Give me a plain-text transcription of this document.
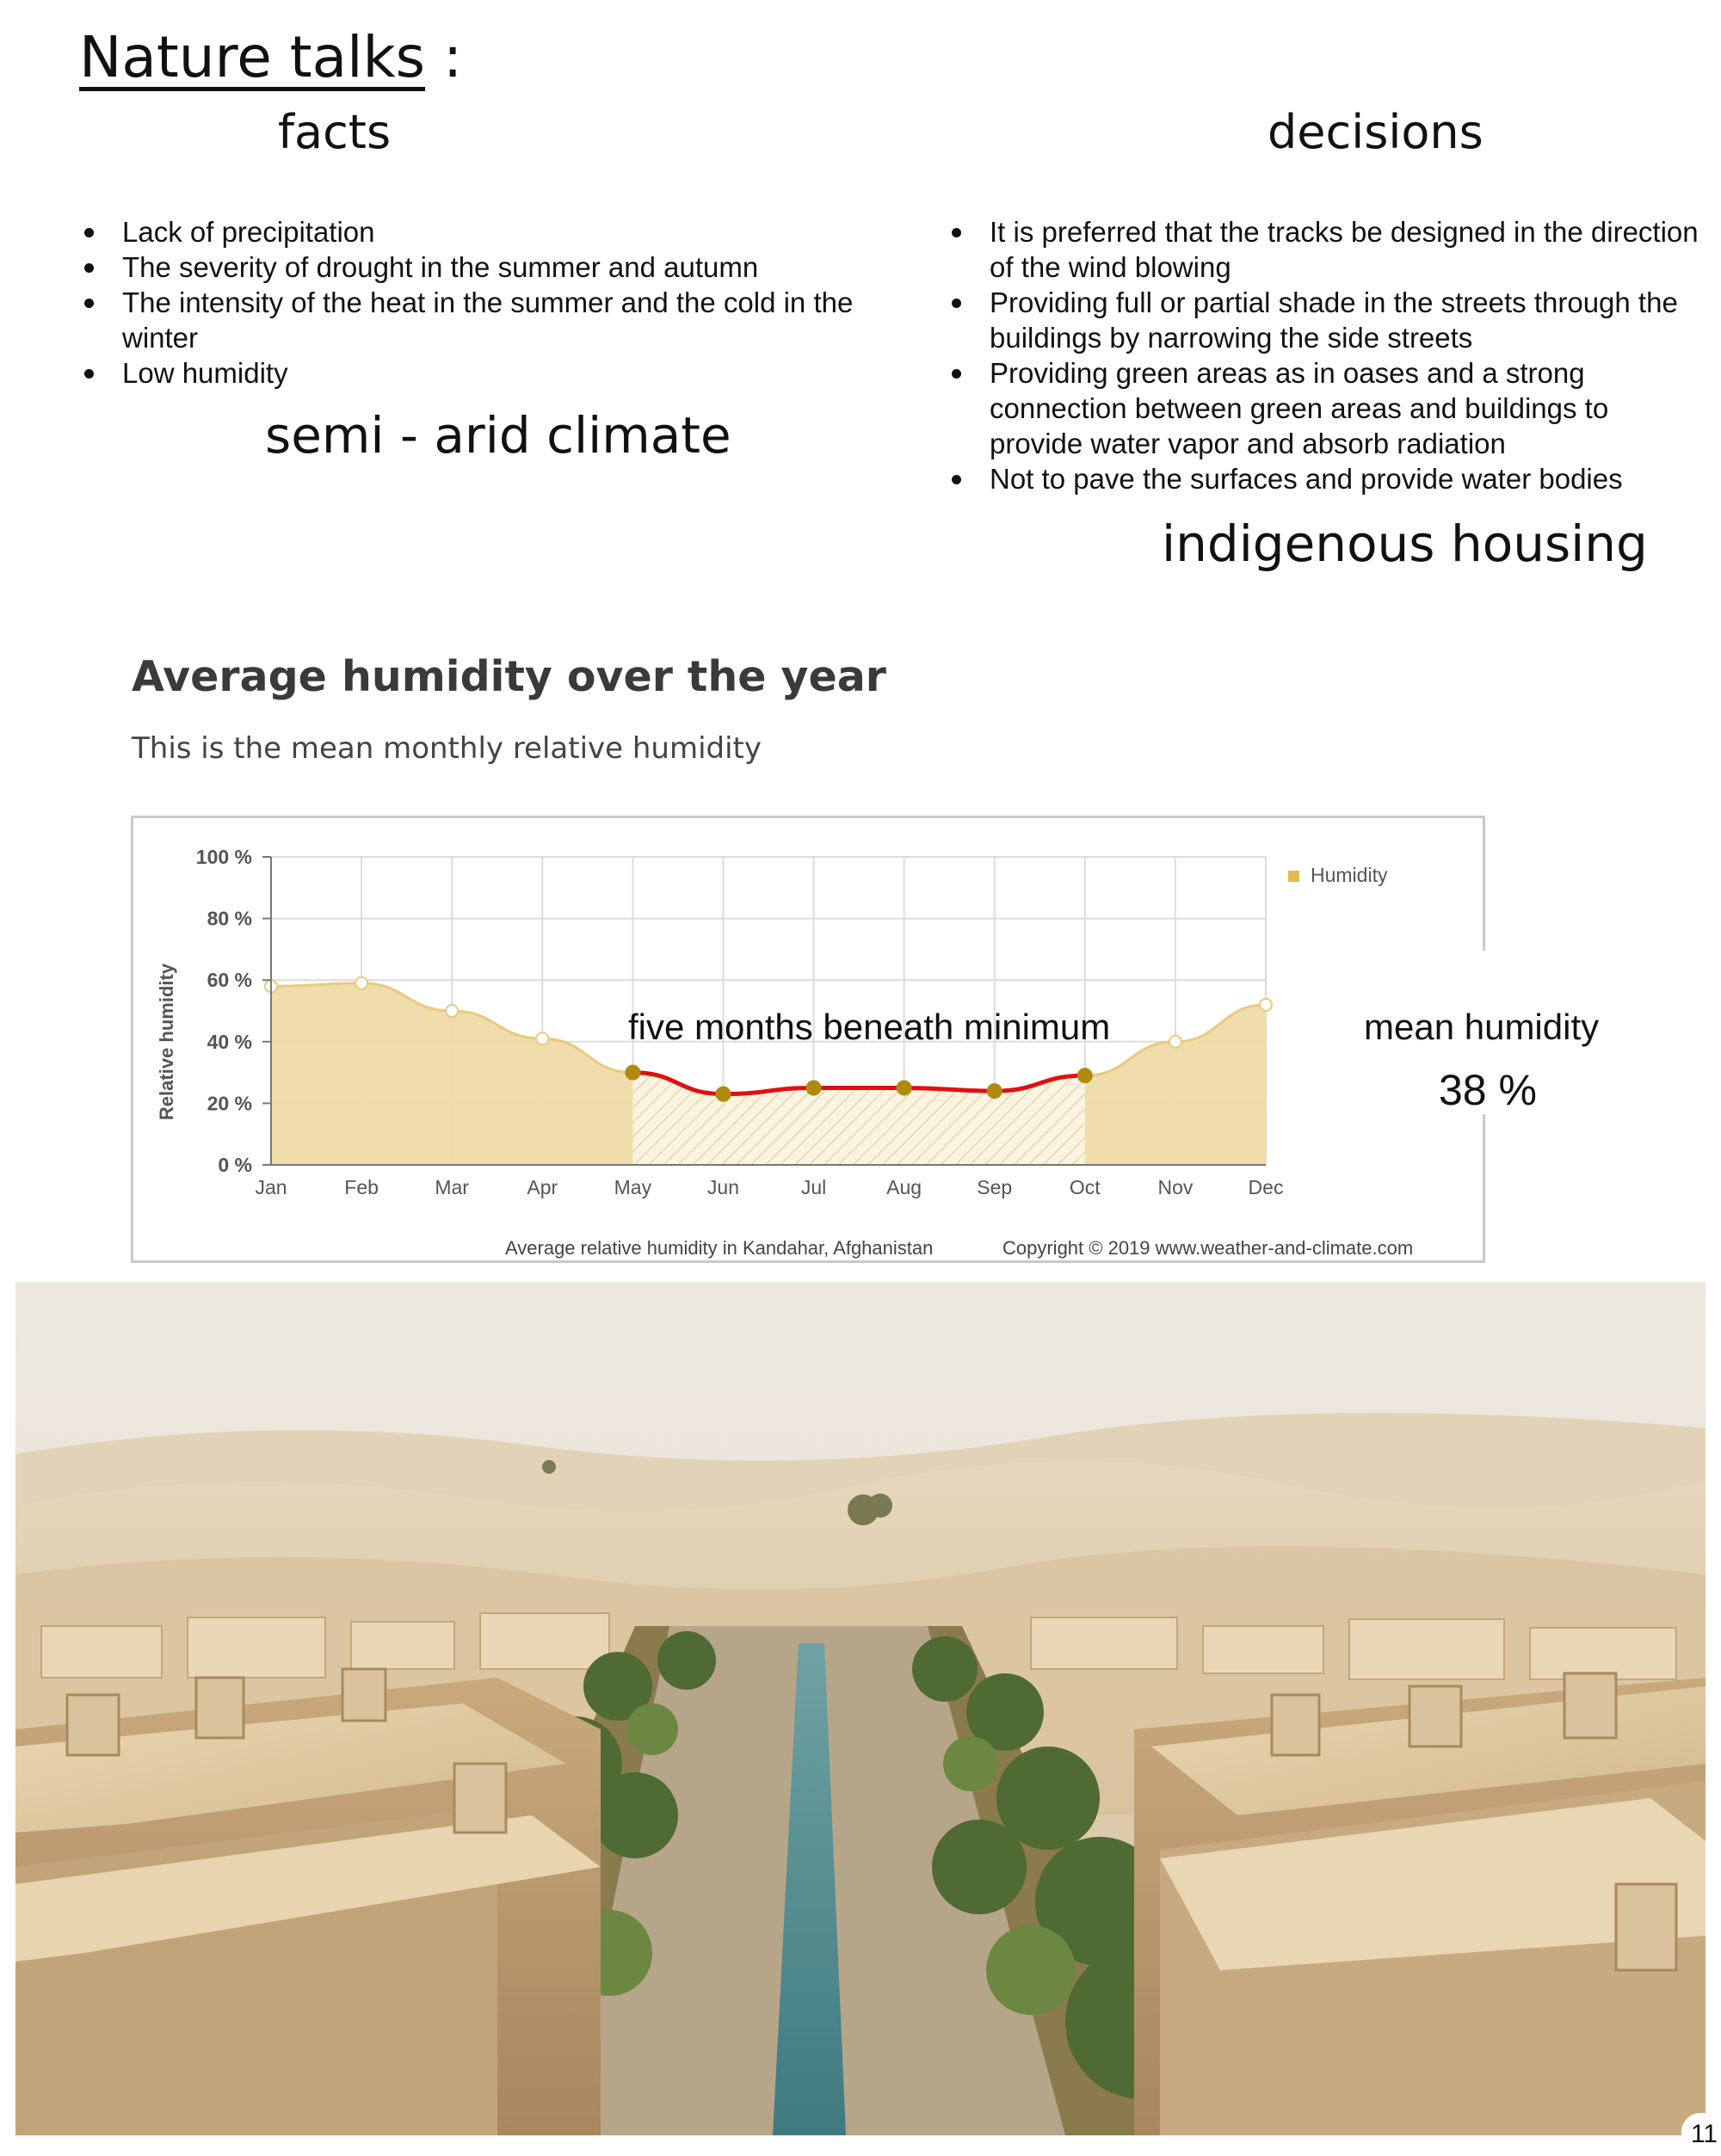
Nature talks :
facts	decisions
Lack of precipitation
The severity of drought in the summer and autumn
The intensity of the heat in the summer and the cold in the winter
Low humidity
semi - arid climate
It is preferred that the tracks be designed in the direction of the wind blowing
Providing full or partial shade in the streets through the buildings by narrowing the side streets
Providing green areas as in oases and a strong connection between green areas and buildings to provide water vapor and absorb radiation
Not to pave the surfaces and provide water bodies
indigenous housing
Average humidity over the year
This is the mean monthly relative humidity
0 %
20 %
40 %
60 %
80 %
100 %
Jan	Feb	Mar	Apr	May	Jun	Jul	Aug	Sep	Oct	Nov	Dec
Relative humidity
Humidity
Average relative humidity in Kandahar, Afghanistan	Copyright © 2019 www.weather-and-climate.com
five months beneath minimum	mean humidity
38 %
11
